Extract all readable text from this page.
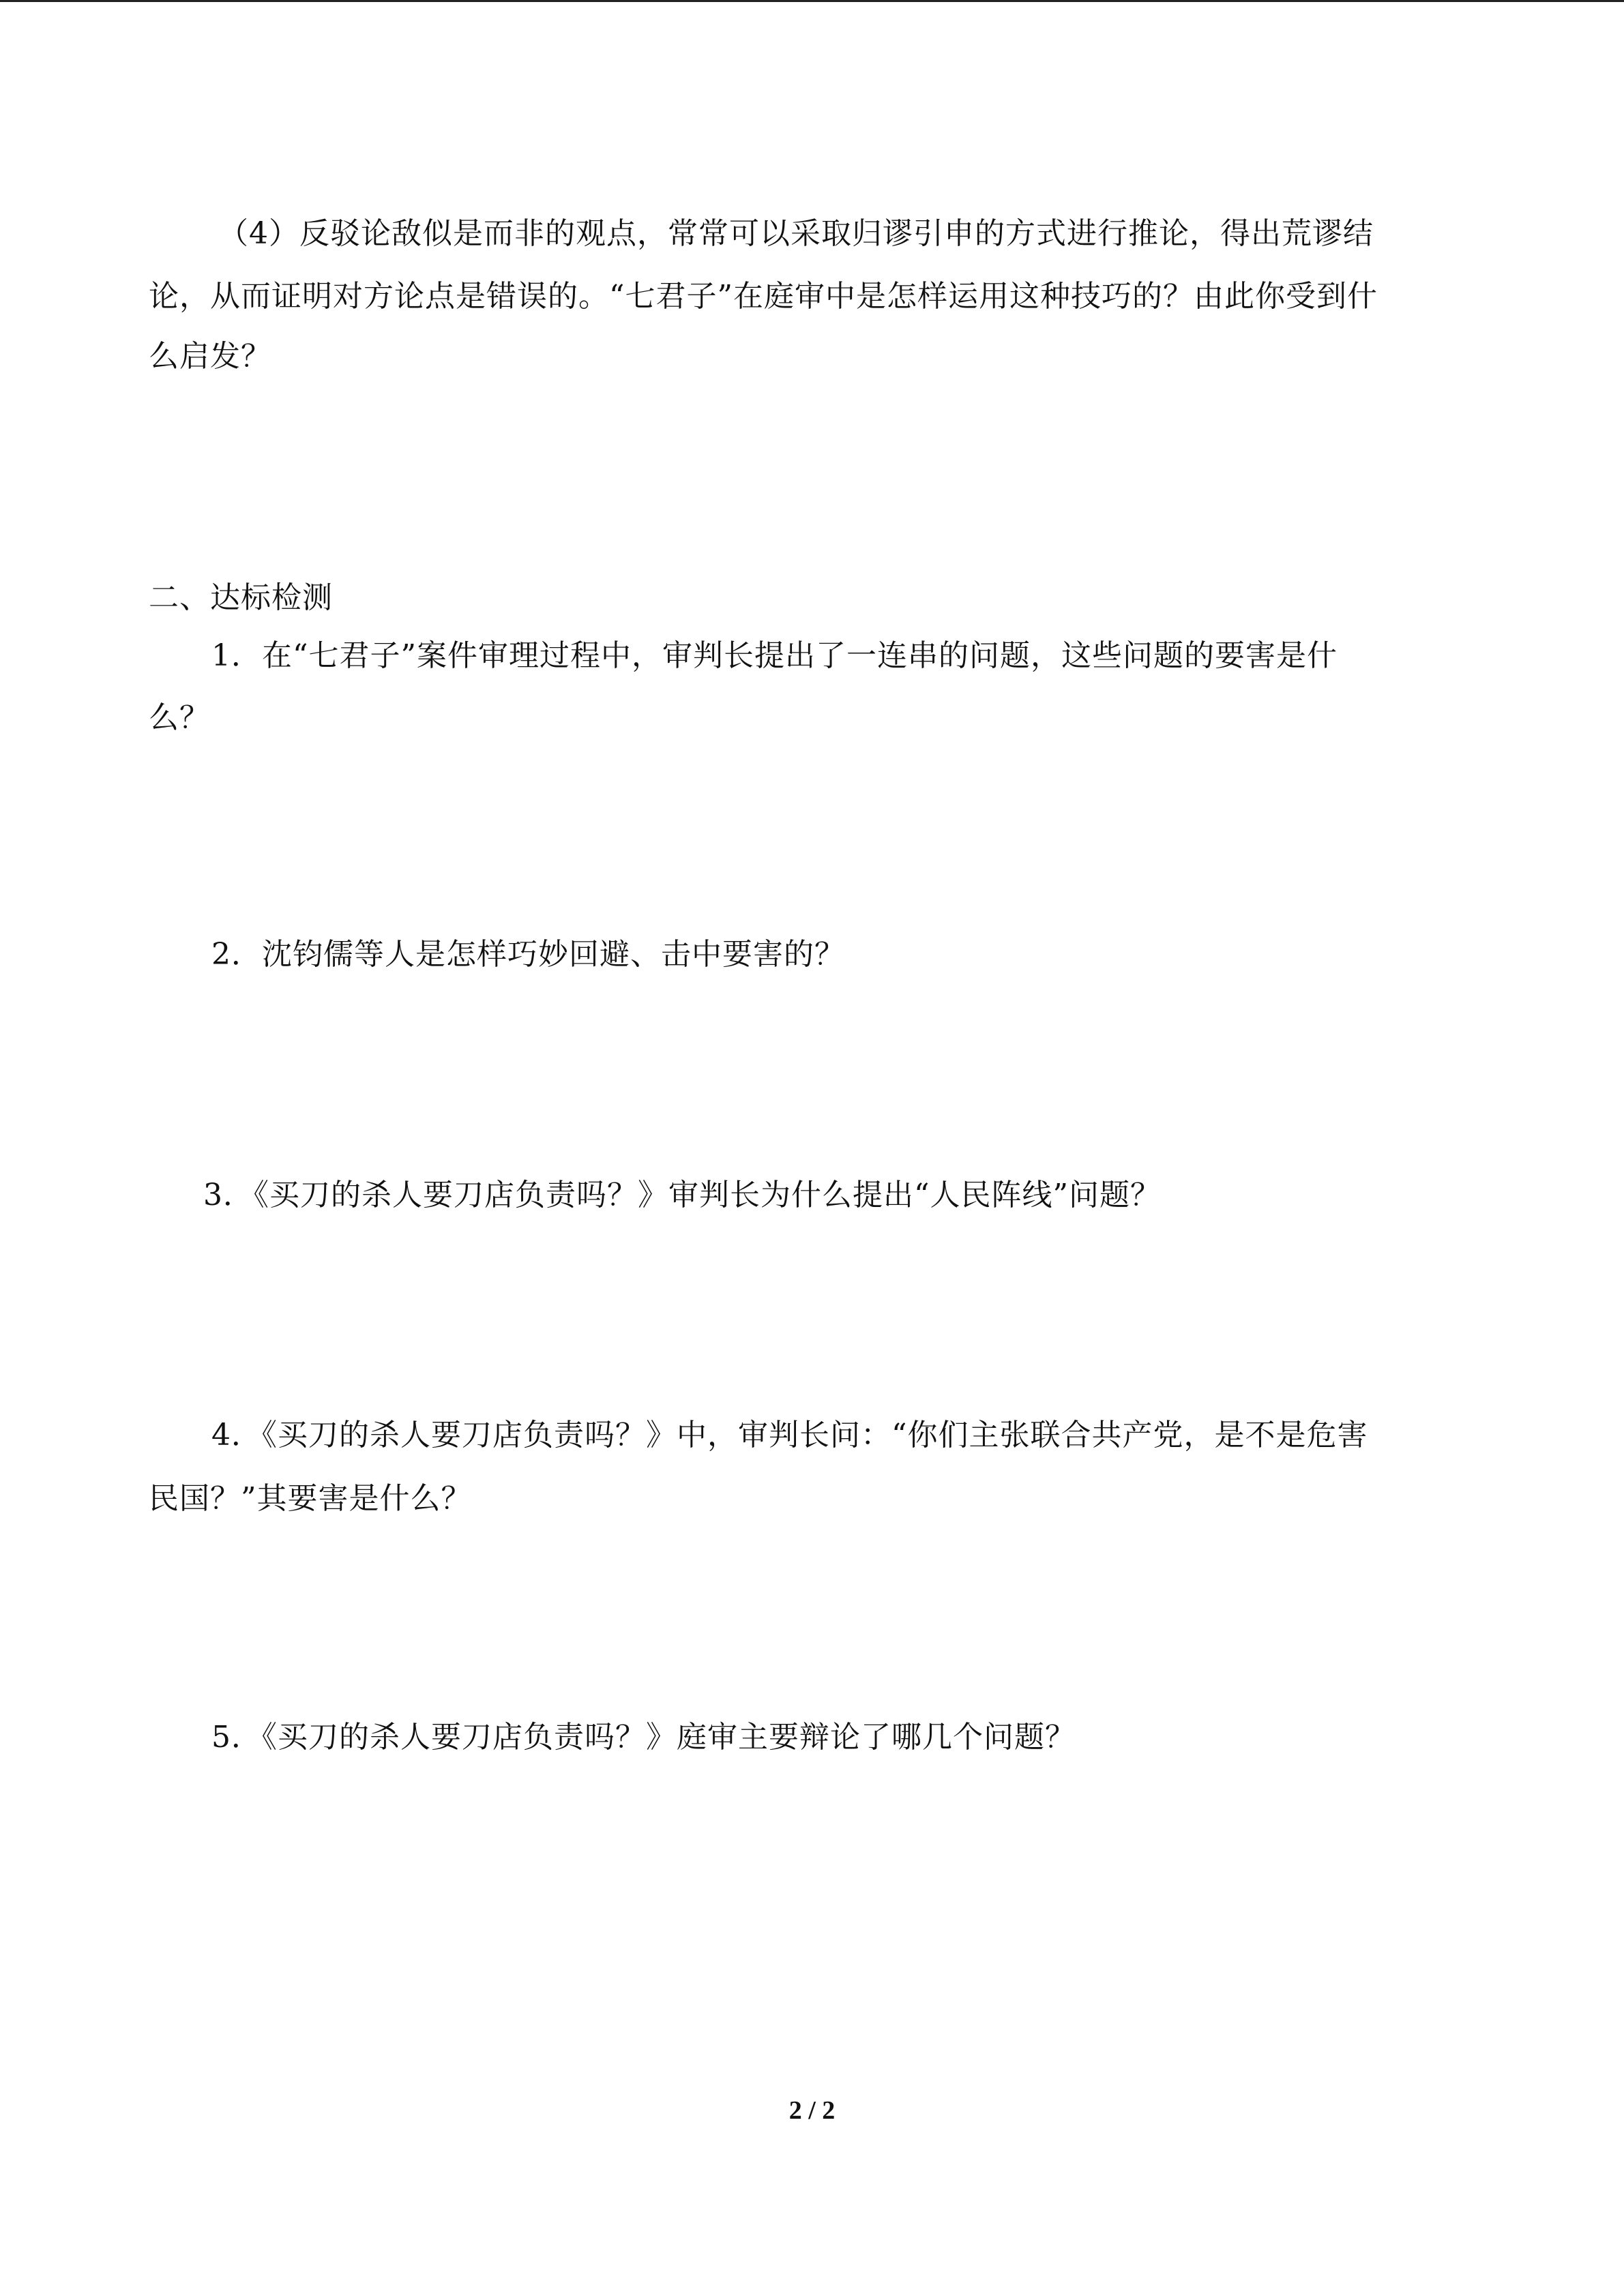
（4）反驳论敌似是而非的观点，常常可以采取归谬引申的方式进行推论，得出荒谬结
论，从而证明对方论点是错误的。“七君子”在庭审中是怎样运用这种技巧的？由此你受到什
么启发？
二、达标检测
1．在“七君子”案件审理过程中，审判长提出了一连串的问题，这些问题的要害是什
么？
2．沈钧儒等人是怎样巧妙回避、击中要害的？
3．《买刀的杀人要刀店负责吗？》审判长为什么提出“人民阵线”问题？
4．《买刀的杀人要刀店负责吗？》中，审判长问：“你们主张联合共产党，是不是危害
民国？”其要害是什么？
5．《买刀的杀人要刀店负责吗？》庭审主要辩论了哪几个问题？
2 / 2
